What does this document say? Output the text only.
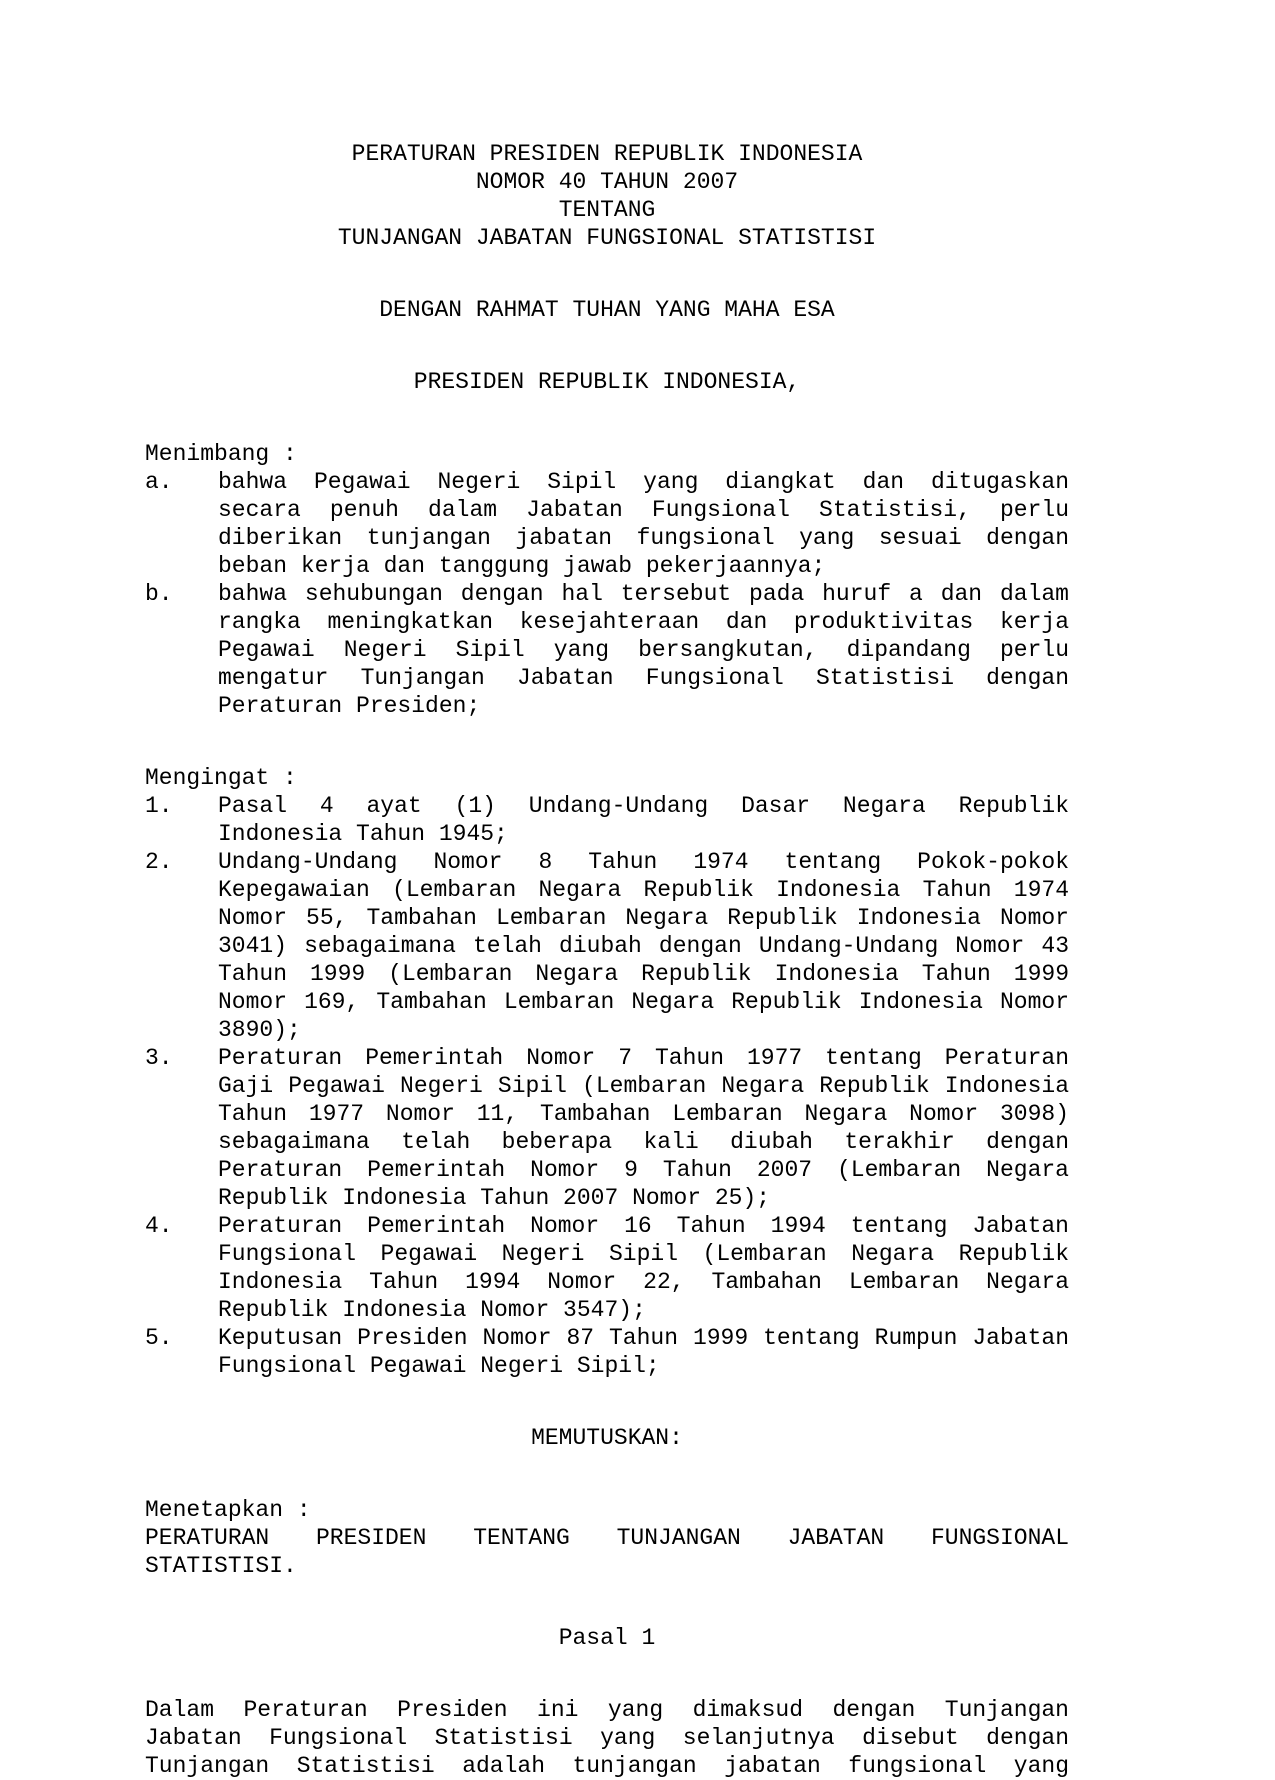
PERATURAN PRESIDEN REPUBLIK INDONESIA
NOMOR 40 TAHUN 2007
TENTANG
TUNJANGAN JABATAN FUNGSIONAL STATISTISI
DENGAN RAHMAT TUHAN YANG MAHA ESA
PRESIDEN REPUBLIK INDONESIA,
Menimbang :
a. bahwa Pegawai Negeri Sipil yang diangkat dan ditugaskan secara penuh dalam Jabatan Fungsional Statistisi, perlu diberikan tunjangan jabatan fungsional yang sesuai dengan beban kerja dan tanggung jawab pekerjaannya;
b. bahwa sehubungan dengan hal tersebut pada huruf a dan dalam rangka meningkatkan kesejahteraan dan produktivitas kerja Pegawai Negeri Sipil yang bersangkutan, dipandang perlu mengatur Tunjangan Jabatan Fungsional Statistisi dengan Peraturan Presiden;
Mengingat :
1. Pasal 4 ayat (1) Undang-Undang Dasar Negara Republik Indonesia Tahun 1945;
2. Undang-Undang Nomor 8 Tahun 1974 tentang Pokok-pokok Kepegawaian (Lembaran Negara Republik Indonesia Tahun 1974 Nomor 55, Tambahan Lembaran Negara Republik Indonesia Nomor 3041) sebagaimana telah diubah dengan Undang-Undang Nomor 43 Tahun 1999 (Lembaran Negara Republik Indonesia Tahun 1999 Nomor 169, Tambahan Lembaran Negara Republik Indonesia Nomor 3890);
3. Peraturan Pemerintah Nomor 7 Tahun 1977 tentang Peraturan Gaji Pegawai Negeri Sipil (Lembaran Negara Republik Indonesia Tahun 1977 Nomor 11, Tambahan Lembaran Negara Nomor 3098) sebagaimana telah beberapa kali diubah terakhir dengan Peraturan Pemerintah Nomor 9 Tahun 2007 (Lembaran Negara Republik Indonesia Tahun 2007 Nomor 25);
4. Peraturan Pemerintah Nomor 16 Tahun 1994 tentang Jabatan Fungsional Pegawai Negeri Sipil (Lembaran Negara Republik Indonesia Tahun 1994 Nomor 22, Tambahan Lembaran Negara Republik Indonesia Nomor 3547);
5. Keputusan Presiden Nomor 87 Tahun 1999 tentang Rumpun Jabatan Fungsional Pegawai Negeri Sipil;
MEMUTUSKAN:
Menetapkan :
PERATURAN PRESIDEN TENTANG TUNJANGAN JABATAN FUNGSIONAL STATISTISI.
Pasal 1
Dalam Peraturan Presiden ini yang dimaksud dengan Tunjangan Jabatan Fungsional Statistisi yang selanjutnya disebut dengan Tunjangan Statistisi adalah tunjangan jabatan fungsional yang
